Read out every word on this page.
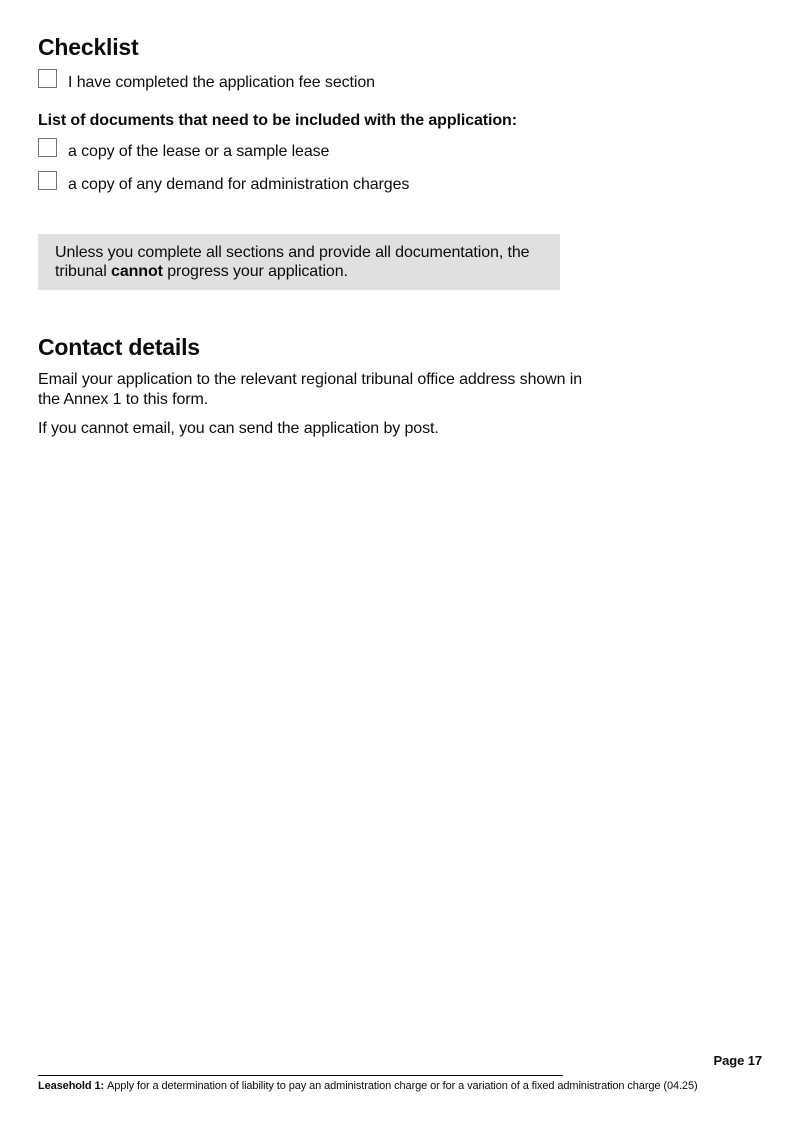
Checklist
I have completed the application fee section
List of documents that need to be included with the application:
a copy of the lease or a sample lease
a copy of any demand for administration charges
Unless you complete all sections and provide all documentation, the tribunal cannot progress your application.
Contact details

Email your application to the relevant regional tribunal office address shown in the Annex 1 to this form.

If you cannot email, you can send the application by post.

Page 17
Leasehold 1: Apply for a determination of liability to pay an administration charge or for a variation of a fixed administration charge (04.25)
